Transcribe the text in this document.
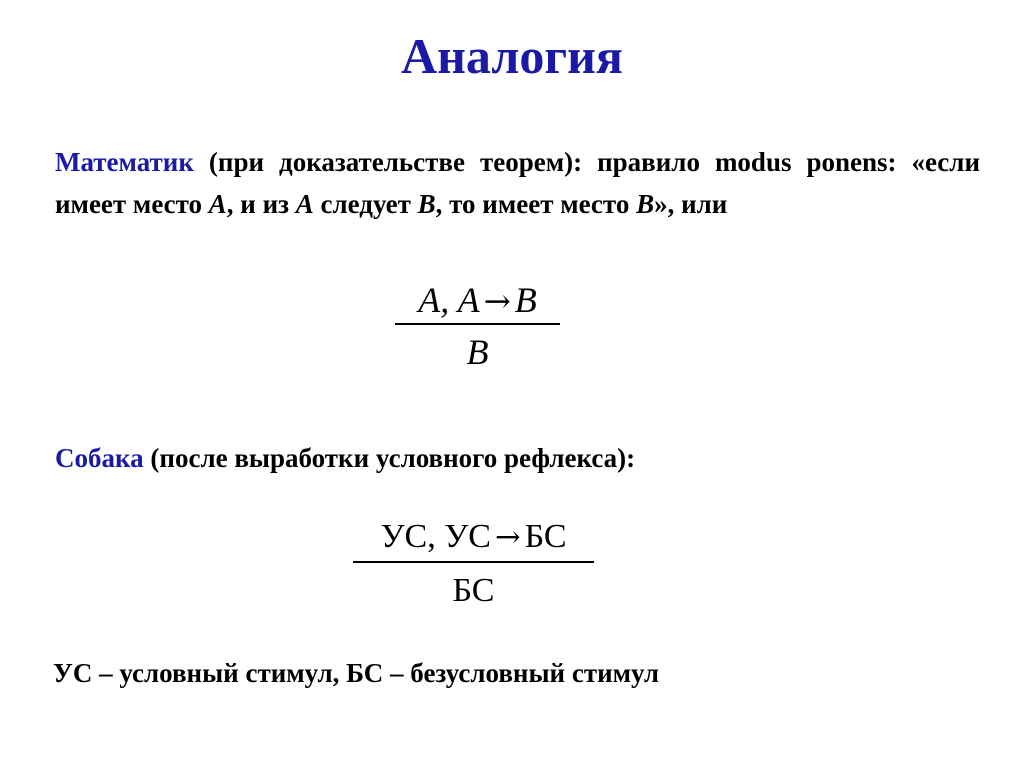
Аналогия
Математик (при доказательстве теорем): правило modus ponens: «если имеет место A, и из A следует B, то имеет место B», или
A, A → B
B
Собака (после выработки условного рефлекса):
УС, УС → БС
БС
УС – условный стимул, БС – безусловный стимул
